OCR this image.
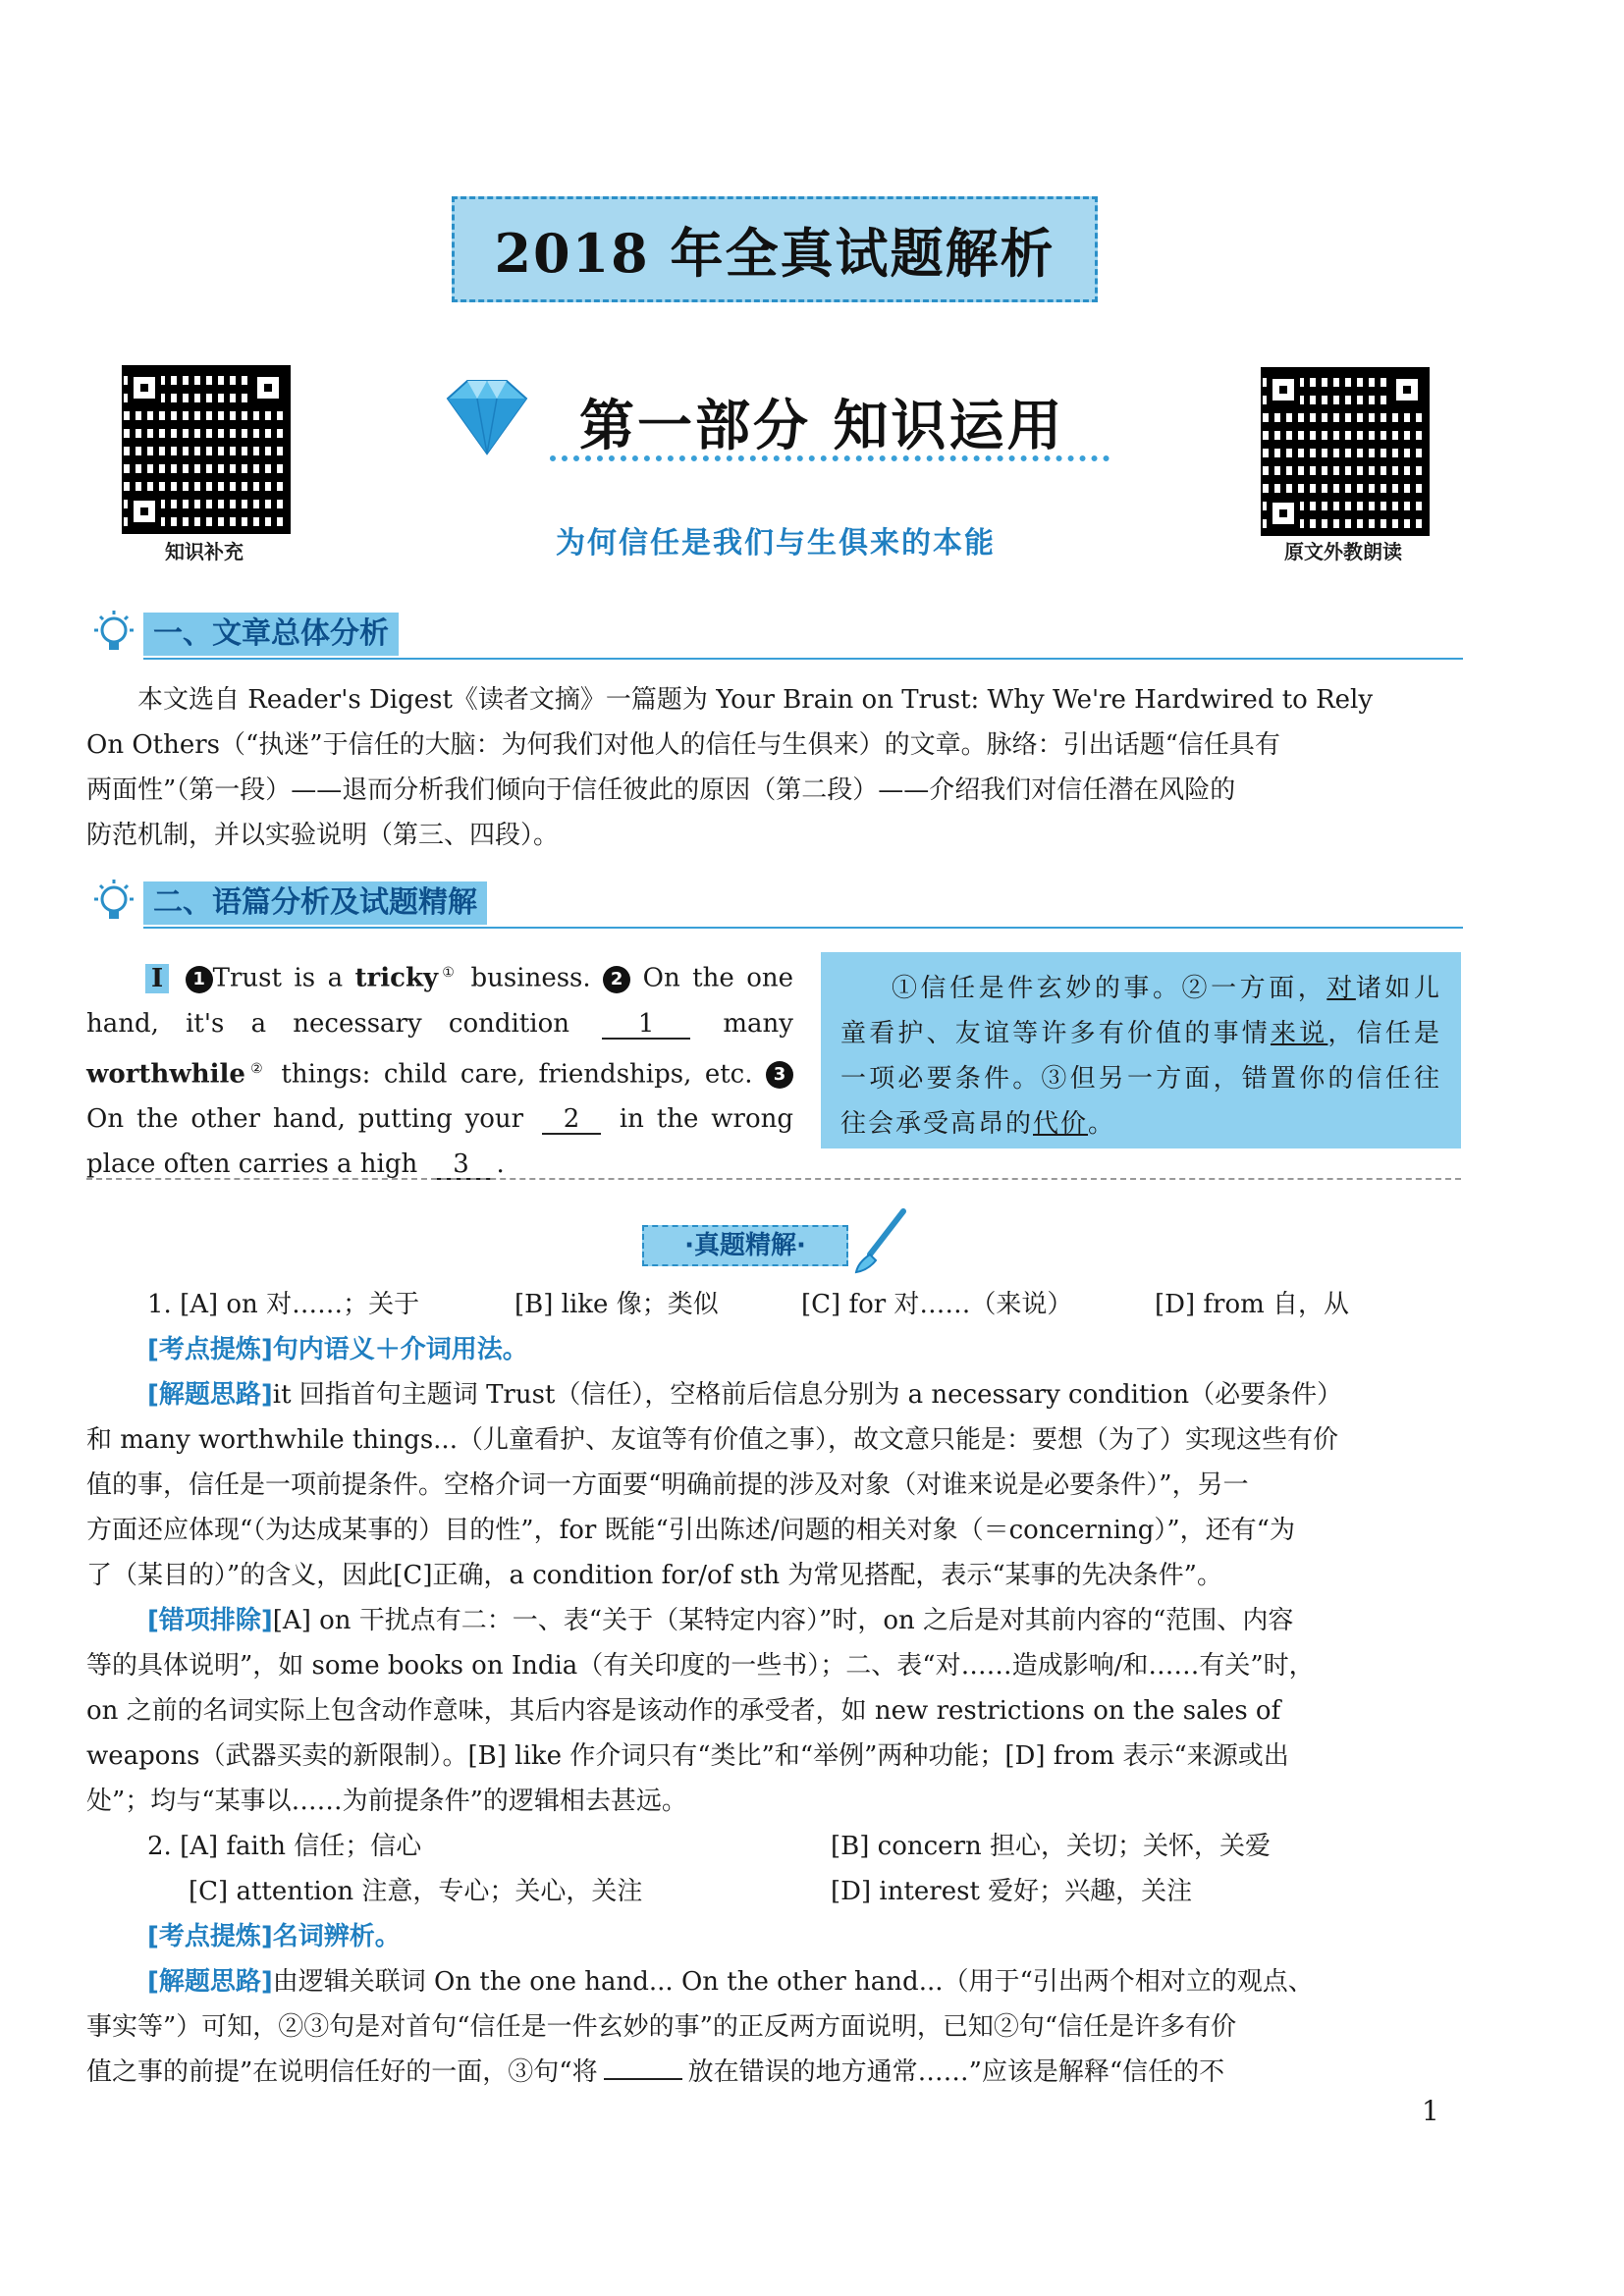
2018 年全真试题解析
知识补充	原文外教朗读
第一部分 知识运用
为何信任是我们与生俱来的本能
一、文章总体分析
本文选自 Reader's Digest《读者文摘》一篇题为 Your Brain on Trust: Why We're Hardwired to Rely
On Others（“执迷”于信任的大脑：为何我们对他人的信任与生俱来）的文章。脉络：引出话题“信任具有
两面性”（第一段）——退而分析我们倾向于信任彼此的原因（第二段）——介绍我们对信任潜在风险的
防范机制，并以实验说明（第三、四段）。
二、语篇分析及试题精解
Ⅰ 1 Trust is a tricky① business. 2 On the one hand, it's a necessary condition 1 many worthwhile② things: child care, friendships, etc. 3 On the other hand, putting your 2 in the wrong place often carries a high 3 .
①信任是件玄妙的事。②一方面，对诸如儿童看护、友谊等许多有价值的事情来说，信任是一项必要条件。③但另一方面，错置你的信任往往会承受高昂的代价。
·真题精解·
1. [A] on 对……；关于	[B] like 像；类似	[C] for 对……（来说）	[D] from 自，从
[考点提炼]句内语义＋介词用法。
[解题思路]it 回指首句主题词 Trust（信任），空格前后信息分别为 a necessary condition（必要条件）
和 many worthwhile things...（儿童看护、友谊等有价值之事），故文意只能是：要想（为了）实现这些有价
值的事，信任是一项前提条件。空格介词一方面要“明确前提的涉及对象（对谁来说是必要条件）”，另一
方面还应体现“（为达成某事的）目的性”，for 既能“引出陈述/问题的相关对象（＝concerning）”，还有“为
了（某目的）”的含义，因此[C]正确，a condition for/of sth 为常见搭配，表示“某事的先决条件”。
[错项排除][A] on 干扰点有二：一、表“关于（某特定内容）”时，on 之后是对其前内容的“范围、内容
等的具体说明”，如 some books on India（有关印度的一些书）；二、表“对……造成影响/和……有关”时，
on 之前的名词实际上包含动作意味，其后内容是该动作的承受者，如 new restrictions on the sales of
weapons（武器买卖的新限制）。[B] like 作介词只有“类比”和“举例”两种功能；[D] from 表示“来源或出
处”；均与“某事以……为前提条件”的逻辑相去甚远。
2. [A] faith 信任；信心	[B] concern 担心，关切；关怀，关爱
[C] attention 注意，专心；关心，关注	[D] interest 爱好；兴趣，关注
[考点提炼]名词辨析。
[解题思路]由逻辑关联词 On the one hand... On the other hand...（用于“引出两个相对立的观点、
事实等”）可知，②③句是对首句“信任是一件玄妙的事”的正反两方面说明，已知②句“信任是许多有价
值之事的前提”在说明信任好的一面，③句“将	放在错误的地方通常……”应该是解释“信任的不
1
